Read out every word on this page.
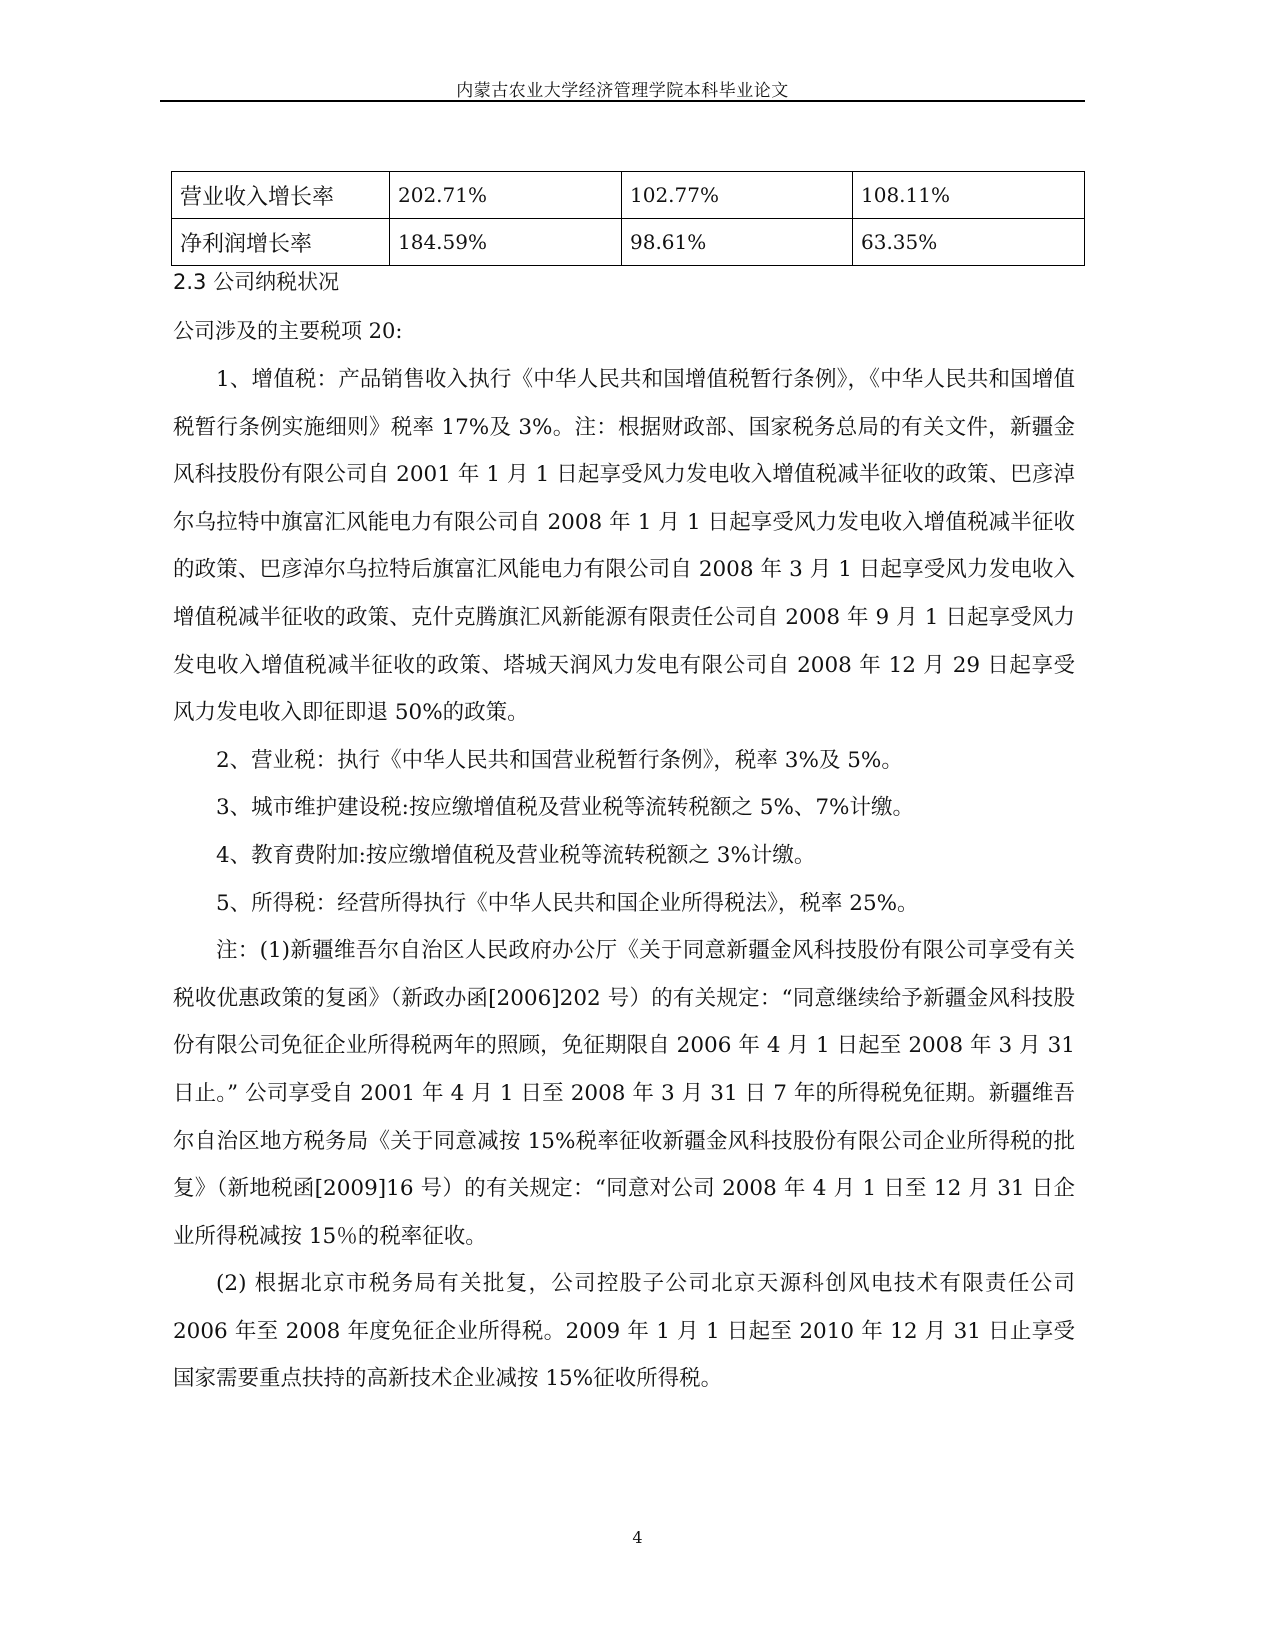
内蒙古农业大学经济管理学院本科毕业论文
营业收入增长率	202.71%	102.77%	108.11%
净利润增长率	184.59%	98.61%	63.35%
2.3 公司纳税状况
公司涉及的主要税项 20:

1、增值税：产品销售收入执行《中华人民共和国增值税暂行条例》，《中华人民共和国增值税暂行条例实施细则》税率 17%及 3%。注：根据财政部、国家税务总局的有关文件，新疆金风科技股份有限公司自 2001 年 1 月 1 日起享受风力发电收入增值税减半征收的政策、巴彦淖尔乌拉特中旗富汇风能电力有限公司自 2008 年 1 月 1 日起享受风力发电收入增值税减半征收的政策、巴彦淖尔乌拉特后旗富汇风能电力有限公司自 2008 年 3 月 1 日起享受风力发电收入增值税减半征收的政策、克什克腾旗汇风新能源有限责任公司自 2008 年 9 月 1 日起享受风力发电收入增值税减半征收的政策、塔城天润风力发电有限公司自 2008 年 12 月 29 日起享受风力发电收入即征即退 50%的政策。

2、营业税：执行《中华人民共和国营业税暂行条例》，税率 3%及 5%。

3、城市维护建设税:按应缴增值税及营业税等流转税额之 5%、7%计缴。

4、教育费附加:按应缴增值税及营业税等流转税额之 3%计缴。

5、所得税：经营所得执行《中华人民共和国企业所得税法》，税率 25%。

注：(1)新疆维吾尔自治区人民政府办公厅《关于同意新疆金风科技股份有限公司享受有关税收优惠政策的复函》（新政办函[2006]202 号）的有关规定：“同意继续给予新疆金风科技股份有限公司免征企业所得税两年的照顾，免征期限自 2006 年 4 月 1 日起至 2008 年 3 月 31 日止。” 公司享受自 2001 年 4 月 1 日至 2008 年 3 月 31 日 7 年的所得税免征期。新疆维吾尔自治区地方税务局《关于同意减按 15%税率征收新疆金风科技股份有限公司企业所得税的批复》（新地税函[2009]16 号）的有关规定：“同意对公司 2008 年 4 月 1 日至 12 月 31 日企业所得税减按 15％的税率征收。

(2) 根据北京市税务局有关批复，公司控股子公司北京天源科创风电技术有限责任公司 2006 年至 2008 年度免征企业所得税。2009 年 1 月 1 日起至 2010 年 12 月 31 日止享受国家需要重点扶持的高新技术企业减按 15%征收所得税。

4
